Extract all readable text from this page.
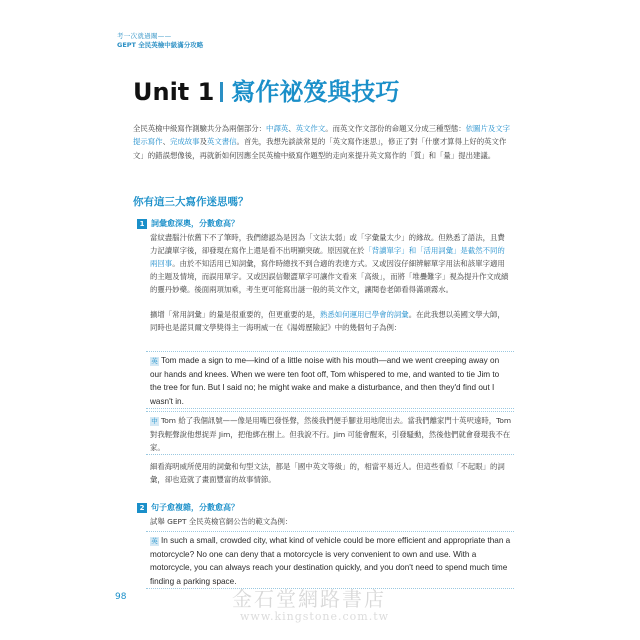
考一次就過關——
GEPT 全民英檢中級滿分攻略
Unit 1 寫作祕笈與技巧
全民英檢中級寫作測驗共分為兩個部分：中譯英、英文作文。而英文作文部份的命題又分成三種型態：依圖片及文字提示寫作、完成故事及英文書信。首先，我想先談談常見的「英文寫作迷思」，修正了對「什麼才算得上好的英文作文」的錯誤想像後，再就新如何因應全民英檢中級寫作題型的走向來提升英文寫作的「質」和「量」提出建議。
你有這三大寫作迷思嗎？
1 詞彙愈深奧，分數愈高？
當紋盡腦汁依舊下不了筆時，我們總認為是因為「文法太弱」或「字彙量太少」的緣故。但熟悉了語法，且費力記讀單字後，卻發現在寫作上還是看不出明顯突破。原因就在於「背讀單字」和「活用詞彙」是截然不同的兩回事。由於不知活用已知詞彙，寫作時總找不到合適的表達方式。又或因沒仔細辨解單字用法和該單字適用的主題及情境，而誤用單字。又或因誤信艱澀單字可讓作文看來「高級」，而將「堆疊難字」視為提升作文成績的靈丹妙藥。後面兩項加乘，考生更可能寫出謎一般的英文作文，讓閱卷老師看得滿頭霧水。
擴增「常用詞彙」的量是很重要的，但更重要的是，熟悉如何運用已學會的詞彙。在此我想以美國文學大師，同時也是諾貝爾文學獎得主一海明威一在《湯姆歷險記》中的幾個句子為例：
英 Tom made a sign to me—kind of a little noise with his mouth—and we went creeping away on our hands and knees. When we were ten foot off, Tom whispered to me, and wanted to tie Jim to the tree for fun. But I said no; he might wake and make a disturbance, and then they'd find out I wasn't in.
中 Tom 給了我個訊號——像是用嘴巴發怪聲，然後我們便手腳並用地爬出去。當我們離家門十英呎遠時，Tom 對我輕聲說他想捉弄 Jim，把他綁在樹上。但我說不行。Jim 可能會醒來，引發騷動，然後他們就會發現我不在家。
細看海明威所使用的詞彙和句型文法，都是「國中英文等級」的，相當平易近人。但這些看似「不起眼」的詞彙，卻也造就了畫面豐富的故事情節。
2 句子愈複雜，分數愈高？
試舉 GEPT 全民英檢官網公告的範文為例：
英 In such a small, crowded city, what kind of vehicle could be more efficient and appropriate than a motorcycle? No one can deny that a motorcycle is very convenient to own and use. With a motorcycle, you can always reach your destination quickly, and you don't need to spend much time finding a parking space.
98	金石堂網路書店
www.kingstone.com.tw
